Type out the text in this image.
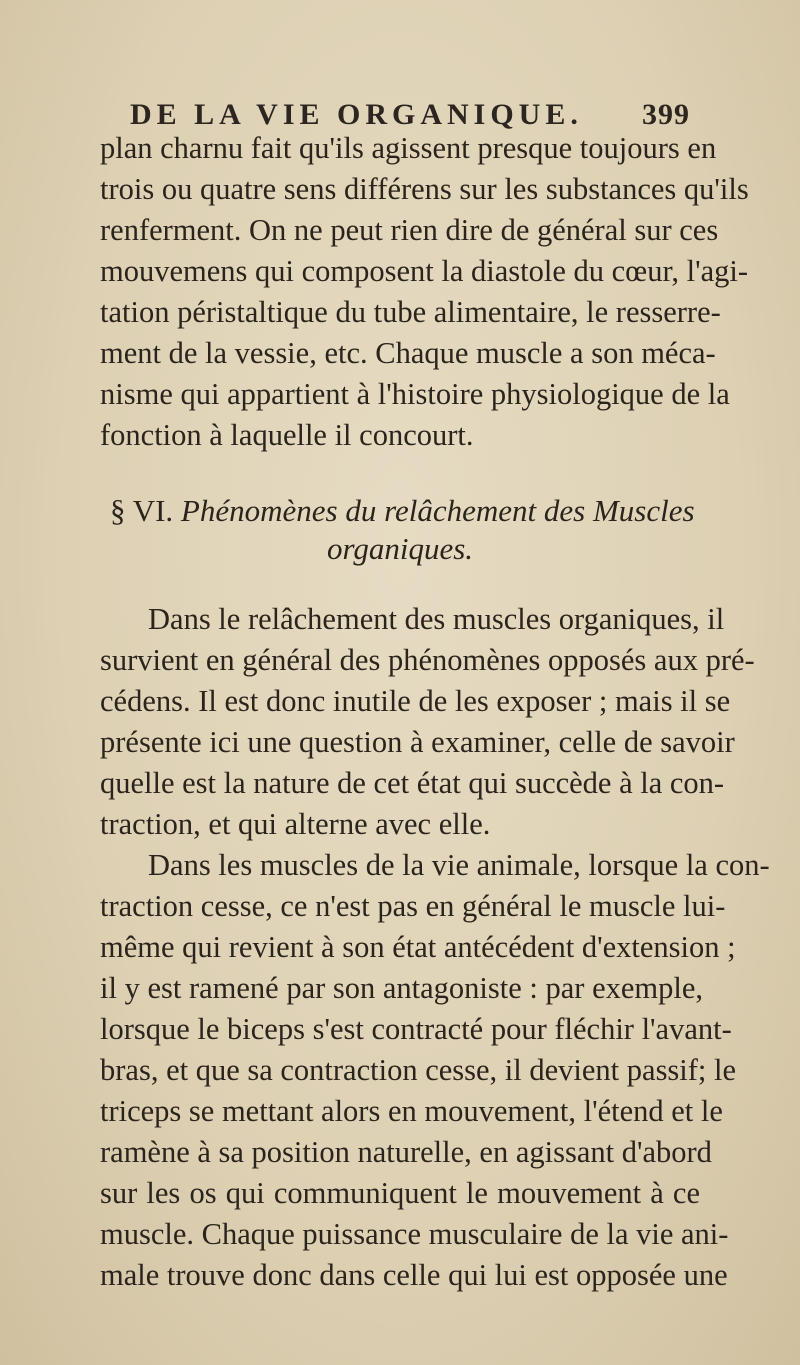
DE LA VIE ORGANIQUE. 399
plan charnu fait qu'ils agissent presque toujours en
trois ou quatre sens différens sur les substances qu'ils
renferment. On ne peut rien dire de général sur ces
mouvemens qui composent la diastole du cœur, l'agi-
tation péristaltique du tube alimentaire, le resserre-
ment de la vessie, etc. Chaque muscle a son méca-
nisme qui appartient à l'histoire physiologique de la
fonction à laquelle il concourt.
§ VI. Phénomènes du relâchement des Muscles
organiques.
Dans le relâchement des muscles organiques, il
survient en général des phénomènes opposés aux pré-
cédens. Il est donc inutile de les exposer ; mais il se
présente ici une question à examiner, celle de savoir
quelle est la nature de cet état qui succède à la con-
traction, et qui alterne avec elle.
Dans les muscles de la vie animale, lorsque la con-
traction cesse, ce n'est pas en général le muscle lui-
même qui revient à son état antécédent d'extension ;
il y est ramené par son antagoniste : par exemple,
lorsque le biceps s'est contracté pour fléchir l'avant-
bras, et que sa contraction cesse, il devient passif; le
triceps se mettant alors en mouvement, l'étend et le
ramène à sa position naturelle, en agissant d'abord
sur les os qui communiquent le mouvement à ce
muscle. Chaque puissance musculaire de la vie ani-
male trouve donc dans celle qui lui est opposée une
